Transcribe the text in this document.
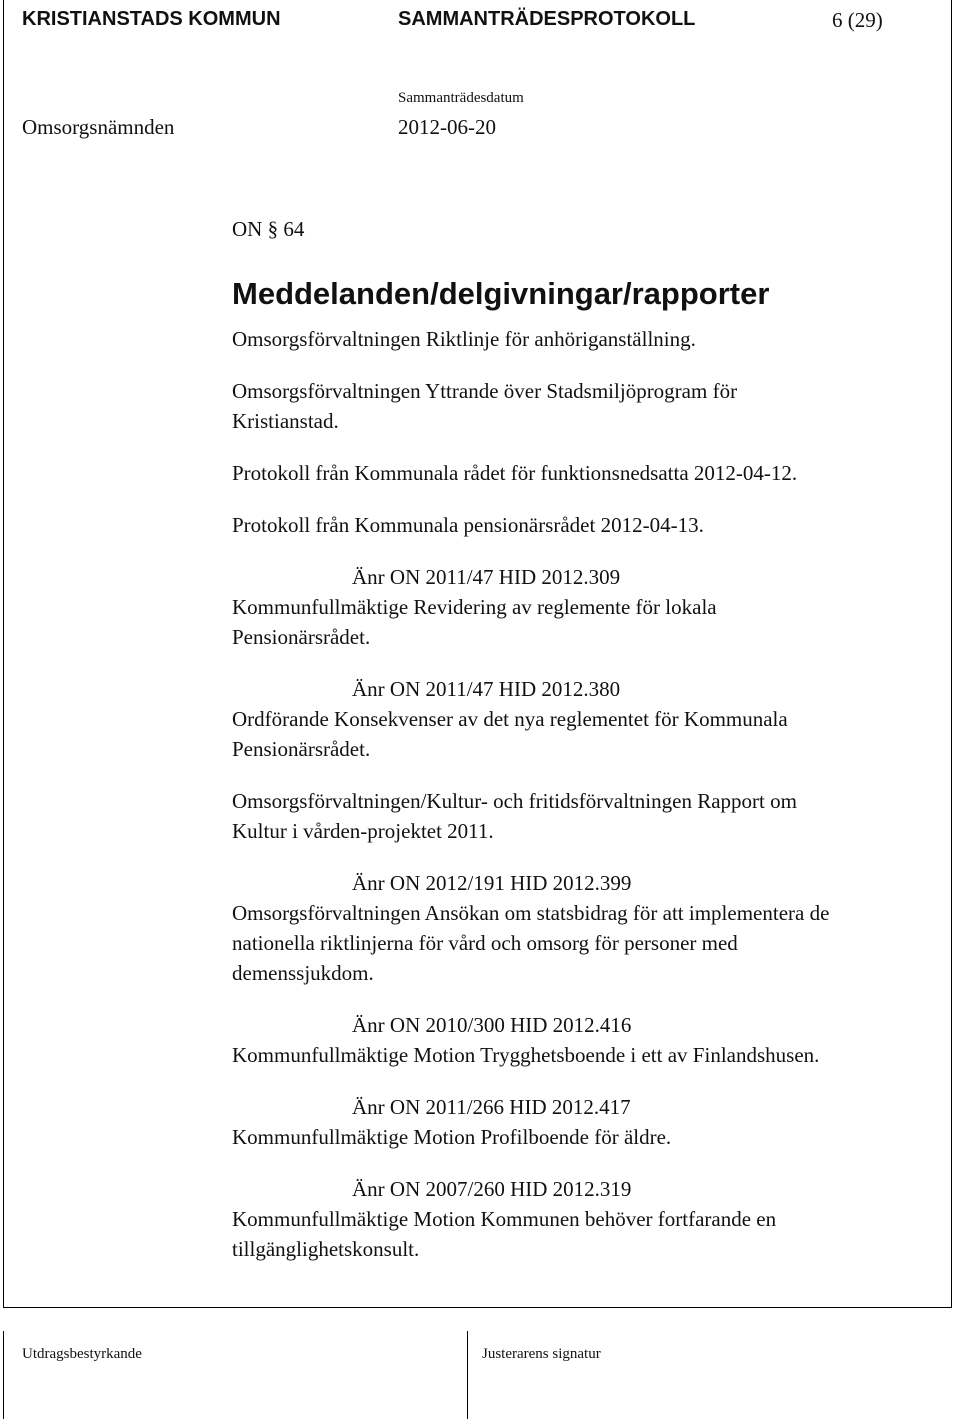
KRISTIANSTADS KOMMUN	SAMMANTRÄDESPROTOKOLL	6 (29)
Sammanträdesdatum
Omsorgsnämnden	2012-06-20
ON § 64
Meddelanden/delgivningar/rapporter
Omsorgsförvaltningen Riktlinje för anhöriganställning.
Omsorgsförvaltningen Yttrande över Stadsmiljöprogram för
Kristianstad.
Protokoll från Kommunala rådet för funktionsnedsatta 2012-04-12.
Protokoll från Kommunala pensionärsrådet 2012-04-13.
Änr ON 2011/47 HID 2012.309
Kommunfullmäktige Revidering av reglemente för lokala
Pensionärsrådet.
Änr ON 2011/47 HID 2012.380
Ordförande Konsekvenser av det nya reglementet för Kommunala
Pensionärsrådet.
Omsorgsförvaltningen/Kultur- och fritidsförvaltningen Rapport om
Kultur i vården-projektet 2011.
Änr ON 2012/191 HID 2012.399
Omsorgsförvaltningen Ansökan om statsbidrag för att implementera de
nationella riktlinjerna för vård och omsorg för personer med
demenssjukdom.
Änr ON 2010/300 HID 2012.416
Kommunfullmäktige Motion Trygghetsboende i ett av Finlandshusen.
Änr ON 2011/266 HID 2012.417
Kommunfullmäktige Motion Profilboende för äldre.
Änr ON 2007/260 HID 2012.319
Kommunfullmäktige Motion Kommunen behöver fortfarande en
tillgänglighetskonsult.
Utdragsbestyrkande	Justerarens signatur
